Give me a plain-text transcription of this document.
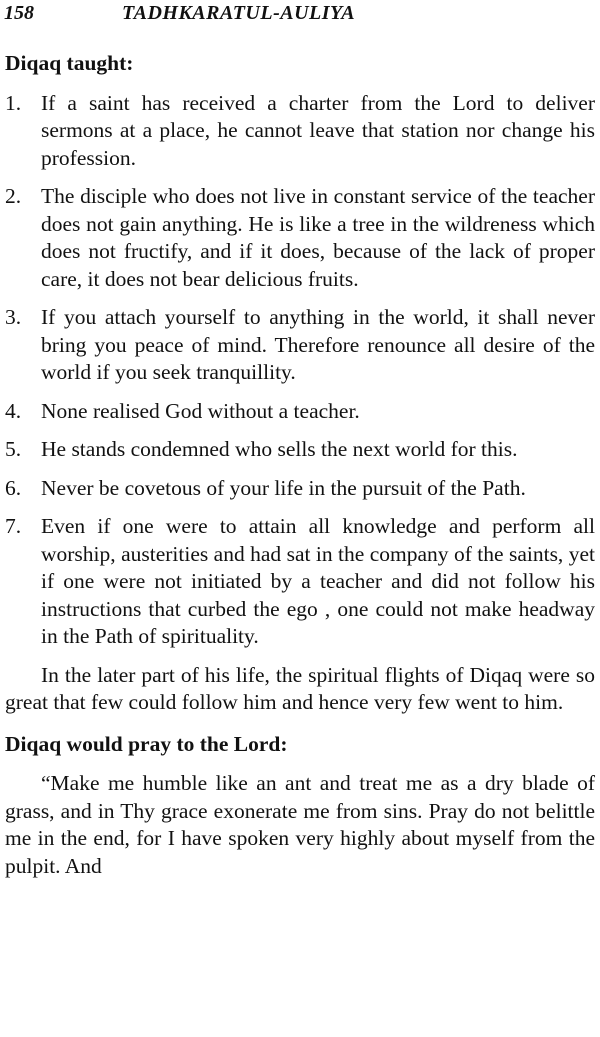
158	TADHKARATUL-AULIYA
Diqaq taught:
1. If a saint has received a charter from the Lord to deliver sermons at a place, he cannot leave that station nor change his profession.
2. The disciple who does not live in constant service of the teacher does not gain anything. He is like a tree in the wildreness which does not fructify, and if it does, because of the lack of proper care, it does not bear delicious fruits.
3. If you attach yourself to anything in the world, it shall never bring you peace of mind. Therefore renounce all desire of the world if you seek tranquillity.
4. None realised God without a teacher.
5. He stands condemned who sells the next world for this.
6. Never be covetous of your life in the pursuit of the Path.
7. Even if one were to attain all knowledge and perform all worship, austerities and had sat in the company of the saints, yet if one were not initiated by a teacher and did not follow his instructions that curbed the ego , one could not make headway in the Path of spirituality.

In the later part of his life, the spiritual flights of Diqaq were so great that few could follow him and hence very few went to him.

Diqaq would pray to the Lord:

“Make me humble like an ant and treat me as a dry blade of grass, and in Thy grace exonerate me from sins. Pray do not belittle me in the end, for I have spoken very highly about myself from the pulpit. And
